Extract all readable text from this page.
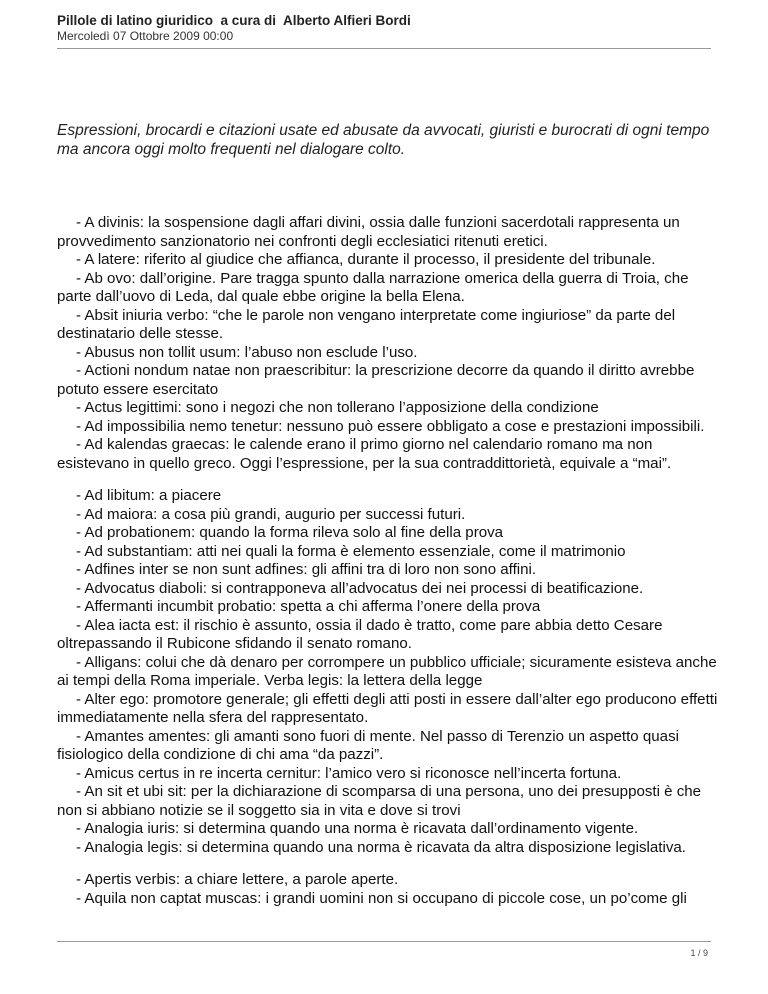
Pillole di latino giuridico  a cura di  Alberto Alfieri Bordi
Mercoledì 07 Ottobre 2009 00:00
Espressioni, brocardi e citazioni usate ed abusate da avvocati, giuristi e burocrati di ogni tempo ma ancora oggi molto frequenti nel dialogare colto.

- A divinis: la sospensione dagli affari divini, ossia dalle funzioni sacerdotali rappresenta un provvedimento sanzionatorio nei confronti degli ecclesiatici ritenuti eretici.

- A latere: riferito al giudice che affianca, durante il processo, il presidente del tribunale.

- Ab ovo: dall’origine. Pare tragga spunto dalla narrazione omerica della guerra di Troia, che parte dall’uovo di Leda, dal quale ebbe origine la bella Elena.

- Absit iniuria verbo: “che le parole non vengano interpretate come ingiuriose” da parte del destinatario delle stesse.

- Abusus non tollit usum: l’abuso non esclude l’uso.

- Actioni nondum natae non praescribitur: la prescrizione decorre da quando il diritto avrebbe potuto essere esercitato

- Actus legittimi: sono i negozi che non tollerano l’apposizione della condizione

- Ad impossibilia nemo tenetur: nessuno può essere obbligato a cose e prestazioni impossibili.

- Ad kalendas graecas: le calende erano il primo giorno nel calendario romano ma non esistevano in quello greco. Oggi l’espressione, per la sua contraddittorietà, equivale a “mai”.

- Ad libitum: a piacere

- Ad maiora: a cosa più grandi, augurio per successi futuri.

- Ad probationem: quando la forma rileva solo al fine della prova

- Ad substantiam: atti nei quali la forma è elemento essenziale, come il matrimonio

- Adfines inter se non sunt adfines: gli affini tra di loro non sono affini.

- Advocatus diaboli: si contrapponeva all’advocatus dei nei processi di beatificazione.

- Affermanti incumbit probatio: spetta a chi afferma l’onere della prova

- Alea iacta est: il rischio è assunto, ossia il dado è tratto, come pare abbia detto Cesare oltrepassando il Rubicone sfidando il senato romano.

- Alligans: colui che dà denaro per corrompere un pubblico ufficiale; sicuramente esisteva anche ai tempi della Roma imperiale. Verba legis: la lettera della legge

- Alter ego: promotore generale; gli effetti degli atti posti in essere dall’alter ego producono effetti immediatamente nella sfera del rappresentato.

- Amantes amentes: gli amanti sono fuori di mente. Nel passo di Terenzio un aspetto quasi fisiologico della condizione di chi ama “da pazzi”.

- Amicus certus in re incerta cernitur: l’amico vero si riconosce nell’incerta fortuna.

- An sit et ubi sit: per la dichiarazione di scomparsa di una persona, uno dei presupposti è che non si abbiano notizie se il soggetto sia in vita e dove si trovi

- Analogia iuris: si determina quando una norma è ricavata dall’ordinamento vigente.

- Analogia legis: si determina quando una norma è ricavata da altra disposizione legislativa.

- Apertis verbis: a chiare lettere, a parole aperte.

- Aquila non captat muscas: i grandi uomini non si occupano di piccole cose, un po’come gli

1 / 9
